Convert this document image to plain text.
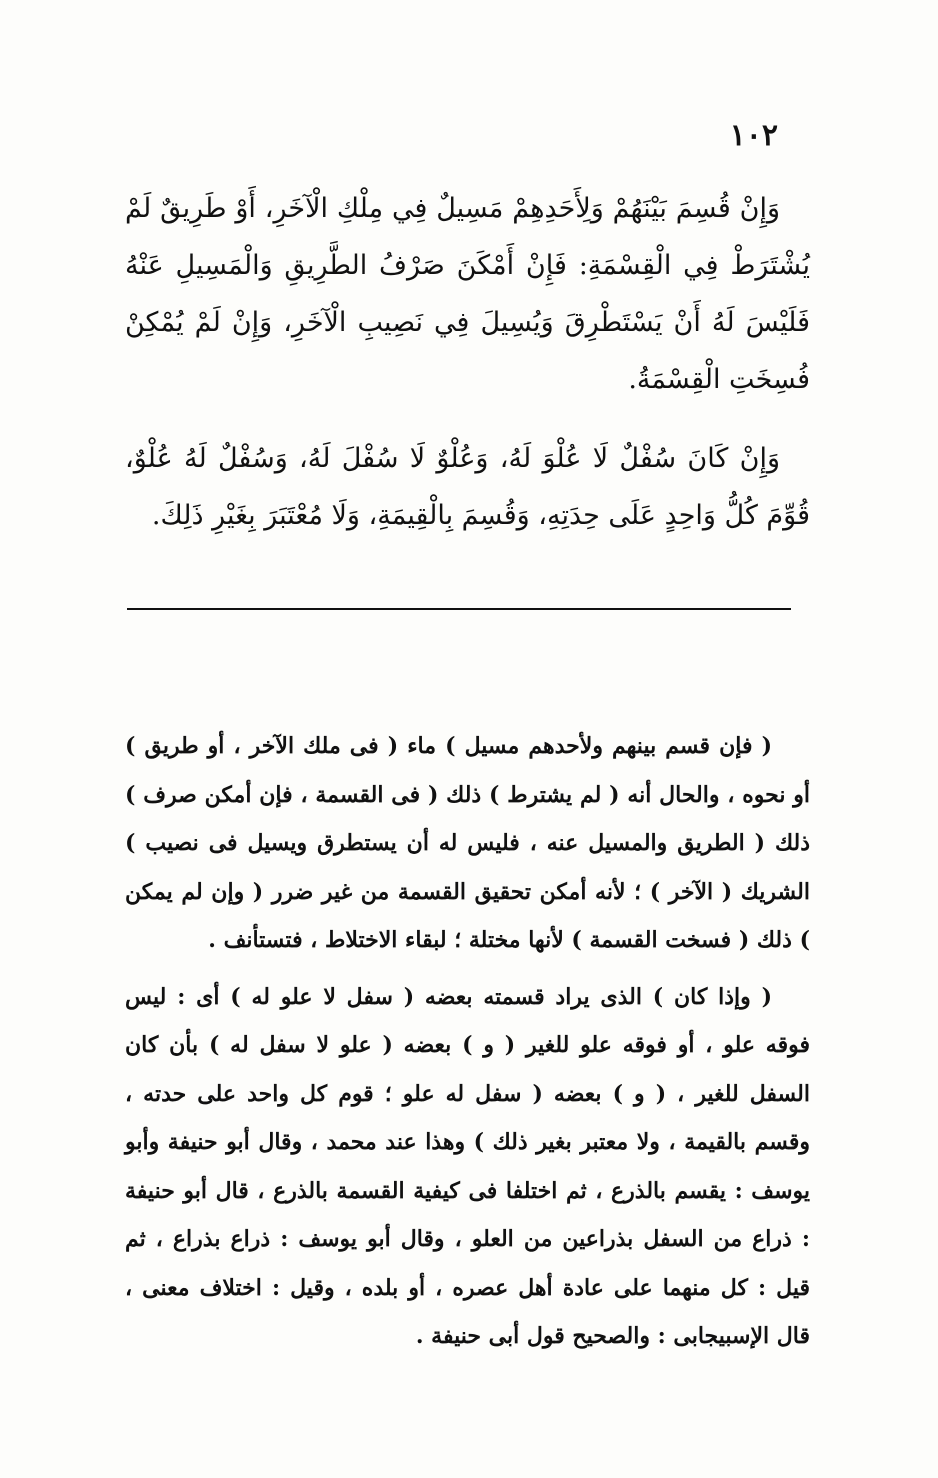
١٠٢

وَإِنْ قُسِمَ بَيْنَهُمْ وَلِأَحَدِهِمْ مَسِيلٌ فِي مِلْكِ الْآخَرِ، أَوْ طَرِيقٌ لَمْ يُشْتَرَطْ فِي الْقِسْمَةِ: فَإِنْ أَمْكَنَ صَرْفُ الطَّرِيقِ وَالْمَسِيلِ عَنْهُ فَلَيْسَ لَهُ أَنْ يَسْتَطْرِقَ وَيُسِيلَ فِي نَصِيبِ الْآخَرِ، وَإِنْ لَمْ يُمْكِنْ فُسِخَتِ الْقِسْمَةُ.

وَإِنْ كَانَ سُفْلٌ لَا عُلْوَ لَهُ، وَعُلْوٌ لَا سُفْلَ لَهُ، وَسُفْلٌ لَهُ عُلْوٌ، قُوِّمَ كُلُّ وَاحِدٍ عَلَى حِدَتِهِ، وَقُسِمَ بِالْقِيمَةِ، وَلَا مُعْتَبَرَ بِغَيْرِ ذَلِكَ.

( فإن قسم بينهم ولأحدهم مسيل ) ماء ( فى ملك الآخر ، أو طريق ) أو نحوه ، والحال أنه ( لم يشترط ) ذلك ( فى القسمة ، فإن أمكن صرف ) ذلك ( الطريق والمسيل عنه ، فليس له أن يستطرق ويسيل فى نصيب ) الشريك ( الآخر ) ؛ لأنه أمكن تحقيق القسمة من غير ضرر ( وإن لم يمكن ) ذلك ( فسخت القسمة ) لأنها مختلة ؛ لبقاء الاختلاط ، فتستأنف .

( وإذا كان ) الذى يراد قسمته بعضه ( سفل لا علو له ) أى : ليس فوقه علو ، أو فوقه علو للغير ( و ) بعضه ( علو لا سفل له ) بأن كان السفل للغير ، ( و ) بعضه ( سفل له علو ؛ قوم كل واحد على حدته ، وقسم بالقيمة ، ولا معتبر بغير ذلك ) وهذا عند محمد ، وقال أبو حنيفة وأبو يوسف : يقسم بالذرع ، ثم اختلفا فى كيفية القسمة بالذرع ، قال أبو حنيفة : ذراع من السفل بذراعين من العلو ، وقال أبو يوسف : ذراع بذراع ، ثم قيل : كل منهما على عادة أهل عصره ، أو بلده ، وقيل : اختلاف معنى ، قال الإسبيجابى : والصحيح قول أبى حنيفة .
